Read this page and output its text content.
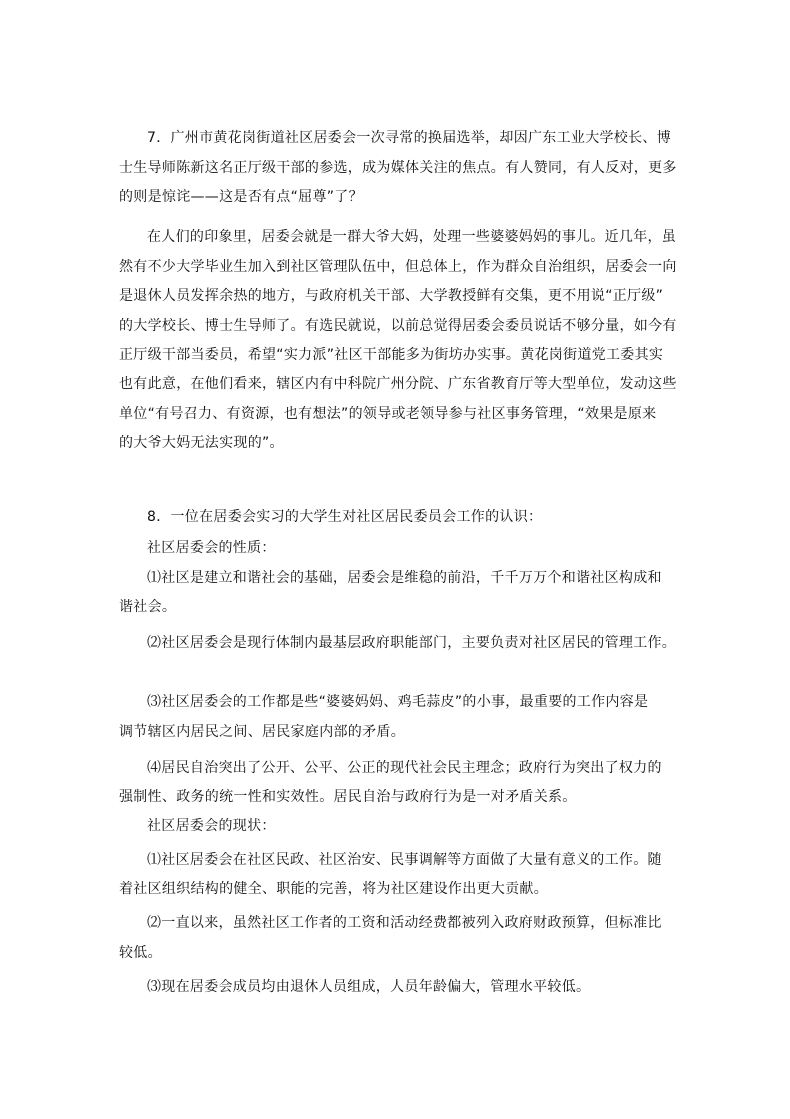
7．广州市黄花岗街道社区居委会一次寻常的换届选举，却因广东工业大学校长、博
士生导师陈新这名正厅级干部的参选，成为媒体关注的焦点。有人赞同，有人反对，更多
的则是惊诧——这是否有点“屈尊”了？
在人们的印象里，居委会就是一群大爷大妈，处理一些婆婆妈妈的事儿。近几年，虽
然有不少大学毕业生加入到社区管理队伍中，但总体上，作为群众自治组织，居委会一向
是退休人员发挥余热的地方，与政府机关干部、大学教授鲜有交集，更不用说“正厅级”
的大学校长、博士生导师了。有选民就说，以前总觉得居委会委员说话不够分量，如今有
正厅级干部当委员，希望“实力派”社区干部能多为街坊办实事。黄花岗街道党工委其实
也有此意，在他们看来，辖区内有中科院广州分院、广东省教育厅等大型单位，发动这些
单位“有号召力、有资源，也有想法”的领导或老领导参与社区事务管理，“效果是原来
的大爷大妈无法实现的”。
8．一位在居委会实习的大学生对社区居民委员会工作的认识：
社区居委会的性质：
⑴社区是建立和谐社会的基础，居委会是维稳的前沿，千千万万个和谐社区构成和
谐社会。
⑵社区居委会是现行体制内最基层政府职能部门，主要负责对社区居民的管理工作。
⑶社区居委会的工作都是些“婆婆妈妈、鸡毛蒜皮”的小事，最重要的工作内容是
调节辖区内居民之间、居民家庭内部的矛盾。
⑷居民自治突出了公开、公平、公正的现代社会民主理念；政府行为突出了权力的
强制性、政务的统一性和实效性。居民自治与政府行为是一对矛盾关系。
社区居委会的现状：
⑴社区居委会在社区民政、社区治安、民事调解等方面做了大量有意义的工作。随
着社区组织结构的健全、职能的完善，将为社区建设作出更大贡献。
⑵一直以来，虽然社区工作者的工资和活动经费都被列入政府财政预算，但标准比
较低。
⑶现在居委会成员均由退休人员组成，人员年龄偏大，管理水平较低。
